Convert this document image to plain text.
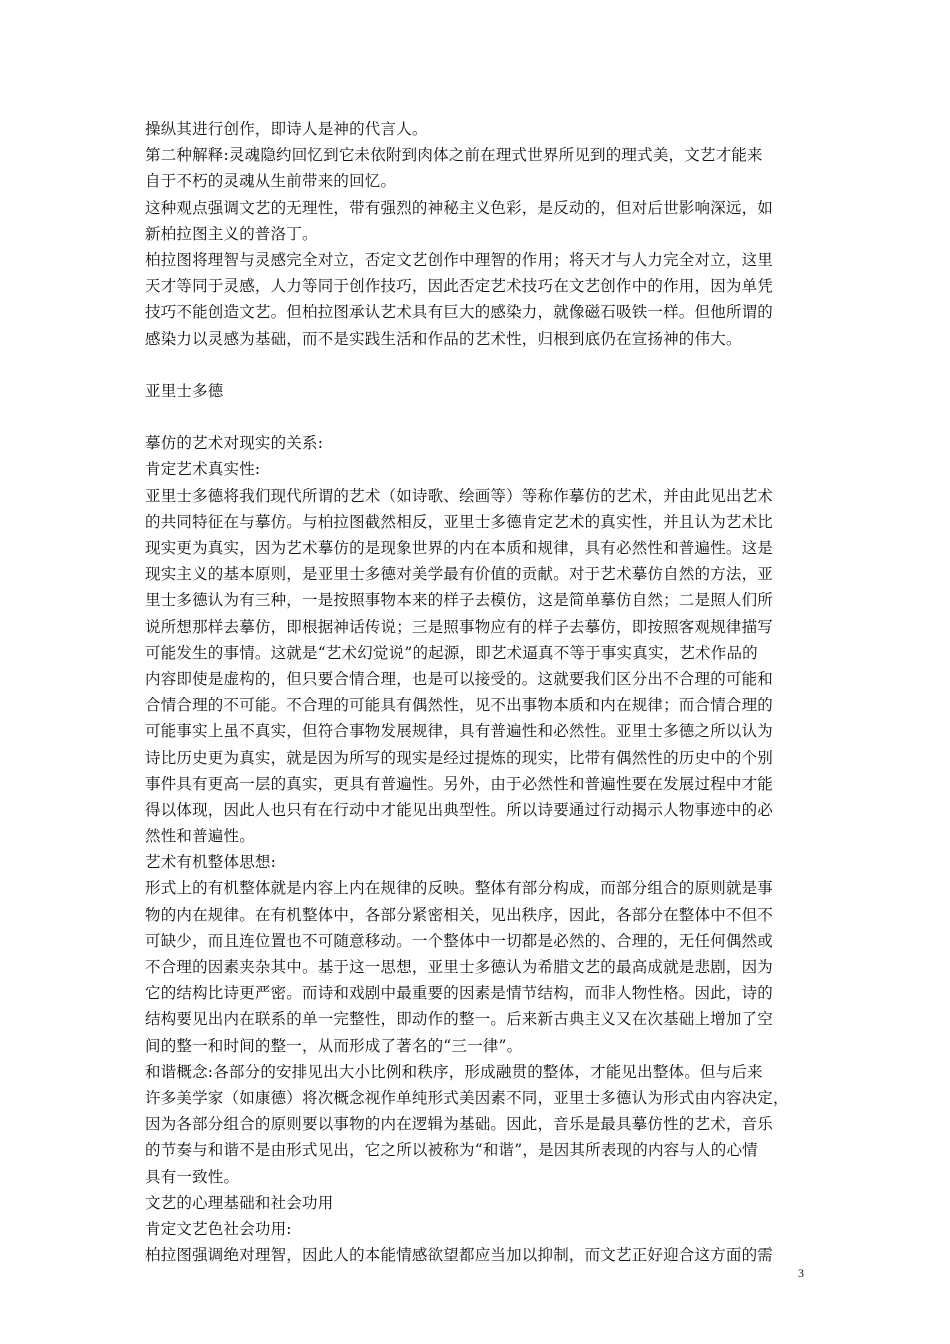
操纵其进行创作，即诗人是神的代言人。
第二种解释:灵魂隐约回忆到它未依附到肉体之前在理式世界所见到的理式美，文艺才能来
自于不朽的灵魂从生前带来的回忆。
这种观点强调文艺的无理性，带有强烈的神秘主义色彩，是反动的，但对后世影响深远，如
新柏拉图主义的普洛丁。
柏拉图将理智与灵感完全对立，否定文艺创作中理智的作用；将天才与人力完全对立，这里
天才等同于灵感，人力等同于创作技巧，因此否定艺术技巧在文艺创作中的作用，因为单凭
技巧不能创造文艺。但柏拉图承认艺术具有巨大的感染力，就像磁石吸铁一样。但他所谓的
感染力以灵感为基础，而不是实践生活和作品的艺术性，归根到底仍在宣扬神的伟大。
亚里士多德
摹仿的艺术对现实的关系:
肯定艺术真实性:
亚里士多德将我们现代所谓的艺术（如诗歌、绘画等）等称作摹仿的艺术，并由此见出艺术
的共同特征在与摹仿。与柏拉图截然相反，亚里士多德肯定艺术的真实性，并且认为艺术比
现实更为真实，因为艺术摹仿的是现象世界的内在本质和规律，具有必然性和普遍性。这是
现实主义的基本原则，是亚里士多德对美学最有价值的贡献。对于艺术摹仿自然的方法，亚
里士多德认为有三种，一是按照事物本来的样子去模仿，这是简单摹仿自然；二是照人们所
说所想那样去摹仿，即根据神话传说；三是照事物应有的样子去摹仿，即按照客观规律描写
可能发生的事情。这就是“艺术幻觉说”的起源，即艺术逼真不等于事实真实，艺术作品的
内容即使是虚构的，但只要合情合理，也是可以接受的。这就要我们区分出不合理的可能和
合情合理的不可能。不合理的可能具有偶然性，见不出事物本质和内在规律；而合情合理的
可能事实上虽不真实，但符合事物发展规律，具有普遍性和必然性。亚里士多德之所以认为
诗比历史更为真实，就是因为所写的现实是经过提炼的现实，比带有偶然性的历史中的个别
事件具有更高一层的真实，更具有普遍性。另外，由于必然性和普遍性要在发展过程中才能
得以体现，因此人也只有在行动中才能见出典型性。所以诗要通过行动揭示人物事迹中的必
然性和普遍性。
艺术有机整体思想:
形式上的有机整体就是内容上内在规律的反映。整体有部分构成，而部分组合的原则就是事
物的内在规律。在有机整体中，各部分紧密相关，见出秩序，因此，各部分在整体中不但不
可缺少，而且连位置也不可随意移动。一个整体中一切都是必然的、合理的，无任何偶然或
不合理的因素夹杂其中。基于这一思想，亚里士多德认为希腊文艺的最高成就是悲剧，因为
它的结构比诗更严密。而诗和戏剧中最重要的因素是情节结构，而非人物性格。因此，诗的
结构要见出内在联系的单一完整性，即动作的整一。后来新古典主义又在次基础上增加了空
间的整一和时间的整一，从而形成了著名的“三一律”。
和谐概念:各部分的安排见出大小比例和秩序，形成融贯的整体，才能见出整体。但与后来
许多美学家（如康德）将次概念视作单纯形式美因素不同，亚里士多德认为形式由内容决定，
因为各部分组合的原则要以事物的内在逻辑为基础。因此，音乐是最具摹仿性的艺术，音乐
的节奏与和谐不是由形式见出，它之所以被称为“和谐”，是因其所表现的内容与人的心情
具有一致性。
文艺的心理基础和社会功用
肯定文艺色社会功用:
柏拉图强调绝对理智，因此人的本能情感欲望都应当加以抑制，而文艺正好迎合这方面的需
3
